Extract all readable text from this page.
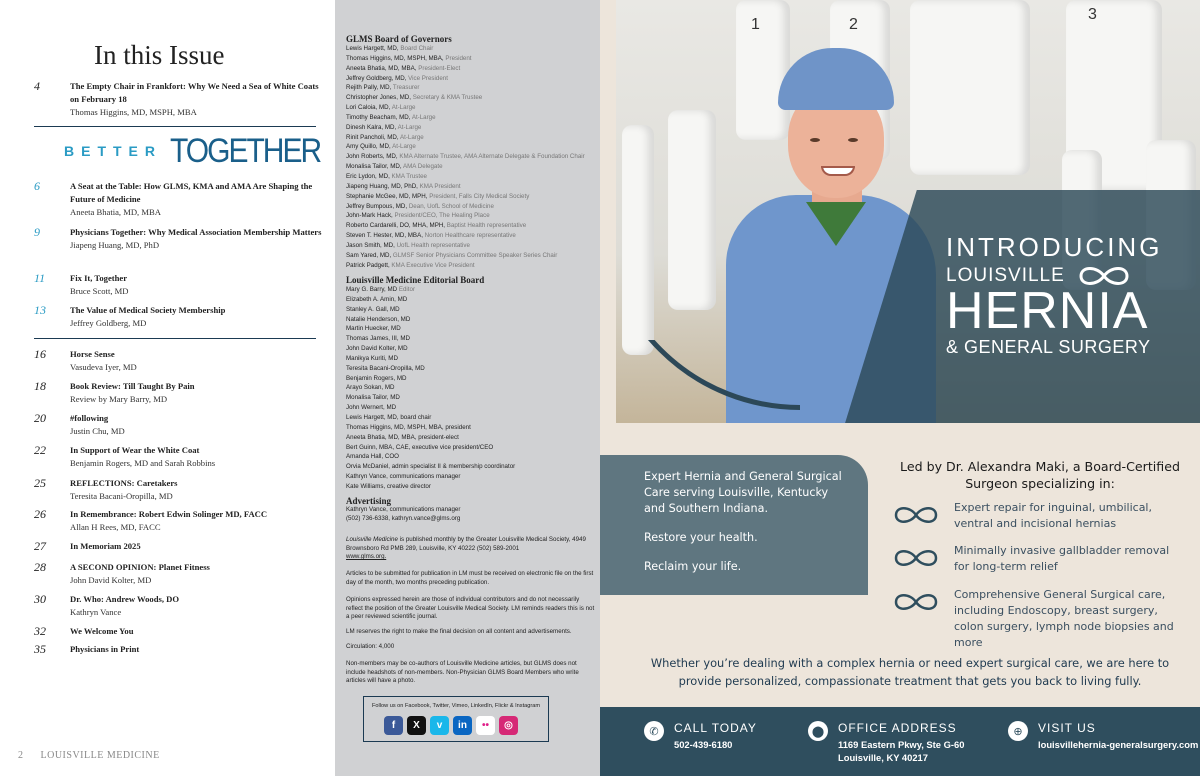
In this Issue
4	The Empty Chair in Frankfort: Why We Need a Sea of White Coats on February 18
Thomas Higgins, MD, MSPH, MBA
BETTER TOGETHER
6	A Seat at the Table: How GLMS, KMA and AMA Are Shaping the Future of Medicine
Aneeta Bhatia, MD, MBA
9	Physicians Together: Why Medical Association Membership Matters
Jiapeng Huang, MD, PhD
11	Fix It, Together
Bruce Scott, MD
13	The Value of Medical Society Membership
Jeffrey Goldberg, MD
16	Horse Sense
Vasudeva Iyer, MD
18	Book Review: Till Taught By Pain
Review by Mary Barry, MD
20	#following
Justin Chu, MD
22	In Support of Wear the White Coat
Benjamin Rogers, MD and Sarah Robbins
25	REFLECTIONS: Caretakers
Teresita Bacani-Oropilla, MD
26	In Remembrance: Robert Edwin Solinger MD, FACC
Allan H Rees, MD, FACC
27	In Memoriam 2025
28	A SECOND OPINION: Planet Fitness
John David Kolter, MD
30	Dr. Who: Andrew Woods, DO
Kathryn Vance
32	We Welcome You
35	Physicians in Print
2 LOUISVILLE MEDICINE
GLMS Board of Governors
Lewis Hargett, MD, Board Chair
Thomas Higgins, MD, MSPH, MBA, President
Aneeta Bhatia, MD, MBA, President-Elect
Jeffrey Goldberg, MD, Vice President
Rejith Pally, MD, Treasurer
Christopher Jones, MD, Secretary & KMA Trustee
Lori Caloia, MD, At-Large
Timothy Beacham, MD, At-Large
Dinesh Kalra, MD, At-Large
Rinit Pancholi, MD, At-Large
Amy Quillo, MD, At-Large
John Roberts, MD, KMA Alternate Trustee, AMA Alternate Delegate & Foundation Chair
Monalisa Tailor, MD, AMA Delegate
Eric Lydon, MD, KMA Trustee
Jiapeng Huang, MD, PhD, KMA President
Stephanie McGee, MD, MPH, President, Falls City Medical Society
Jeffrey Bumpous, MD, Dean, UofL School of Medicine
John-Mark Hack, President/CEO, The Healing Place
Roberto Cardarelli, DO, MHA, MPH, Baptist Health representative
Steven T. Hester, MD, MBA, Norton Healthcare representative
Jason Smith, MD, UofL Health representative
Sam Yared, MD, GLMSF Senior Physicians Committee Speaker Series Chair
Patrick Padgett, KMA Executive Vice President
Louisville Medicine Editorial Board
Mary G. Barry, MD Editor
Elizabeth A. Amin, MD
Stanley A. Gall, MD
Natalie Henderson, MD
Martin Huecker, MD
Thomas James, III, MD
John David Kolter, MD
Manikya Kuriti, MD
Teresita Bacani-Oropilla, MD
Benjamin Rogers, MD
Arayo Sokan, MD
Monalisa Tailor, MD
John Wernert, MD
Lewis Hargett, MD, board chair
Thomas Higgins, MD, MSPH, MBA, president
Aneeta Bhatia, MD, MBA, president-elect
Bert Guinn, MBA, CAE, executive vice president/CEO
Amanda Hall, COO
Orvia McDaniel, admin specialist II & membership coordinator
Kathryn Vance, communications manager
Kate Williams, creative director
Advertising
Kathryn Vance, communications manager
(502) 736-6338, kathryn.vance@glms.org
Louisville Medicine is published monthly by the Greater Louisville Medical Society, 4949 Brownsboro Rd PMB 289, Louisville, KY 40222 (502) 589-2001
www.glms.org.
Articles to be submitted for publication in LM must be received on electronic file on the first day of the month, two months preceding publication.
Opinions expressed herein are those of individual contributors and do not necessarily reflect the position of the Greater Louisville Medical Society. LM reminds readers this is not a peer reviewed scientific journal.
LM reserves the right to make the final decision on all content and advertisements.
Circulation: 4,000
Non-members may be co-authors of Louisville Medicine articles, but GLMS does not include headshots of non-members. Non-Physician GLMS Board Members who write articles will have a photo.
Follow us on Facebook, Twitter, Vimeo, LinkedIn, Flickr & Instagram
f	X	v	in	••	◎
1	2
3
INTRODUCING
LOUISVILLE
HERNIA
& GENERAL SURGERY

Expert Hernia and General Surgical Care serving Louisville, Kentucky and Southern Indiana.

Restore your health.

Reclaim your life.

Led by Dr. Alexandra Maki, a Board-Certified Surgeon specializing in:
Expert repair for inguinal, umbilical, ventral and incisional hernias
Minimally invasive gallbladder removal for long-term relief
Comprehensive General Surgical care, including Endoscopy, breast surgery, colon surgery, lymph node biopsies and more
Whether you’re dealing with a complex hernia or need expert surgical care, we are here to provide personalized, compassionate treatment that gets you back to living fully.
✆	CALL TODAY
502-439-6180
⬤	OFFICE ADDRESS
1169 Eastern Pkwy, Ste G-60
Louisville, KY 40217
⊕	VISIT US
louisvillehernia-generalsurgery.com
